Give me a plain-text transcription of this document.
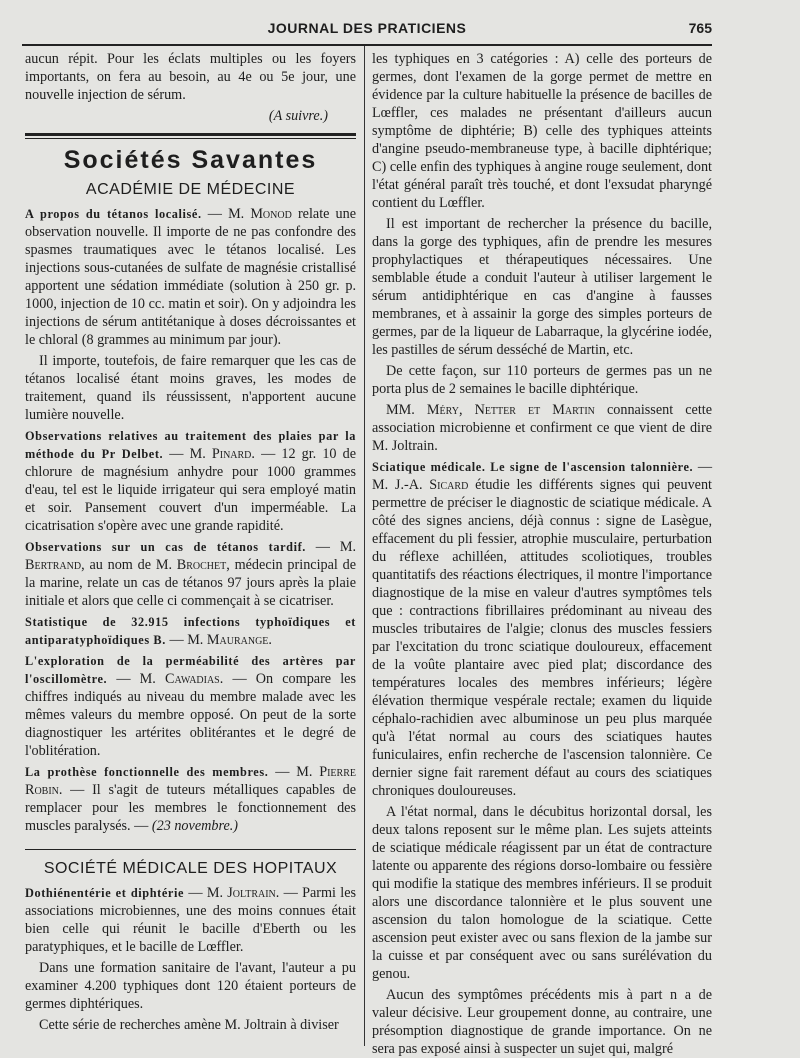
JOURNAL DES PRATICIENS	765

aucun répit. Pour les éclats multiples ou les foyers importants, on fera au besoin, au 4e ou 5e jour, une nouvelle injection de sérum.

(A suivre.)

Sociétés Savantes
ACADÉMIE DE MÉDECINE

A propos du tétanos localisé. — M. Monod relate une observation nouvelle. Il importe de ne pas confondre des spasmes traumatiques avec le tétanos localisé. Les injections sous-cutanées de sulfate de magnésie cristallisé apportent une sédation immédiate (solution à 250 gr. p. 1000, injection de 10 cc. matin et soir). On y adjoindra les injections de sérum antitétanique à doses décroissantes et le chloral (8 grammes au minimum par jour).

Il importe, toutefois, de faire remarquer que les cas de tétanos localisé étant moins graves, les modes de traitement, quand ils réussissent, n'apportent aucune lumière nouvelle.

Observations relatives au traitement des plaies par la méthode du Pr Delbet. — M. Pinard. — 12 gr. 10 de chlorure de magnésium anhydre pour 1000 grammes d'eau, tel est le liquide irrigateur qui sera employé matin et soir. Pansement couvert d'un imperméable. La cicatrisation s'opère avec une grande rapidité.

Observations sur un cas de tétanos tardif. — M. Bertrand, au nom de M. Brochet, médecin principal de la marine, relate un cas de tétanos 97 jours après la plaie initiale et alors que celle ci commençait à se cicatriser.

Statistique de 32.915 infections typhoïdiques et antiparatyphoïdiques B. — M. Maurange.

L'exploration de la perméabilité des artères par l'oscillomètre. — M. Cawadias. — On compare les chiffres indiqués au niveau du membre malade avec les mêmes valeurs du membre opposé. On peut de la sorte diagnostiquer les artérites oblitérantes et le degré de l'oblitération.

La prothèse fonctionnelle des membres. — M. Pierre Robin. — Il s'agit de tuteurs métalliques capables de remplacer pour les membres le fonctionnement des muscles paralysés. — (23 novembre.)

SOCIÉTÉ MÉDICALE DES HOPITAUX

Dothiénentérie et diphtérie — M. Joltrain. — Parmi les associations microbiennes, une des moins connues était bien celle qui réunit le bacille d'Eberth ou les paratyphiques, et le bacille de Lœffler.

Dans une formation sanitaire de l'avant, l'auteur a pu examiner 4.200 typhiques dont 120 étaient porteurs de germes diphtériques.

Cette série de recherches amène M. Joltrain à diviser

les typhiques en 3 catégories : A) celle des porteurs de germes, dont l'examen de la gorge permet de mettre en évidence par la culture habituelle la présence de bacilles de Lœffler, ces malades ne présentant d'ailleurs aucun symptôme de diphtérie; B) celle des typhiques atteints d'angine pseudo-membraneuse type, à bacille diphtérique; C) celle enfin des typhiques à angine rouge seulement, dont l'état général paraît très touché, et dont l'exsudat pharyngé contient du Lœffler.

Il est important de rechercher la présence du bacille, dans la gorge des typhiques, afin de prendre les mesures prophylactiques et thérapeutiques nécessaires. Une semblable étude a conduit l'auteur à utiliser largement le sérum antidiphtérique en cas d'angine à fausses membranes, et à assainir la gorge des simples porteurs de germes, par de la liqueur de Labarraque, la glycérine iodée, les pastilles de sérum desséché de Martin, etc.

De cette façon, sur 110 porteurs de germes pas un ne porta plus de 2 semaines le bacille diphtérique.

MM. Méry, Netter et Martin connaissent cette association microbienne et confirment ce que vient de dire M. Joltrain.

Sciatique médicale. Le signe de l'ascension talonnière. — M. J.-A. Sicard étudie les différents signes qui peuvent permettre de préciser le diagnostic de sciatique médicale. A côté des signes anciens, déjà connus : signe de Lasègue, effacement du pli fessier, atrophie musculaire, perturbation du réflexe achilléen, attitudes scoliotiques, troubles quantitatifs des réactions électriques, il montre l'importance diagnostique de la mise en valeur d'autres symptômes tels que : contractions fibrillaires prédominant au niveau des muscles tributaires de l'algie; clonus des muscles fessiers par l'excitation du tronc sciatique douloureux, effacement de la voûte plantaire avec pied plat; discordance des températures locales des membres inférieurs; légère élévation thermique vespérale rectale; examen du liquide céphalo-rachidien avec albuminose un peu plus marquée qu'à l'état normal au cours des sciatiques hautes funiculaires, enfin recherche de l'ascension talonnière. Ce dernier signe fait rarement défaut au cours des sciatiques chroniques douloureuses.

A l'état normal, dans le décubitus horizontal dorsal, les deux talons reposent sur le même plan. Les sujets atteints de sciatique médicale réagissent par un état de contracture latente ou apparente des régions dorso-lombaire ou fessière qui modifie la statique des membres inférieurs. Il se produit alors une discordance talonnière et le plus souvent une ascension du talon homologue de la sciatique. Cette ascension peut exister avec ou sans flexion de la jambe sur la cuisse et par conséquent avec ou sans surélévation du genou.

Aucun des symptômes précédents mis à part n a de valeur décisive. Leur groupement donne, au contraire, une présomption diagnostique de grande importance. On ne sera pas exposé ainsi à suspecter un sujet qui, malgré
